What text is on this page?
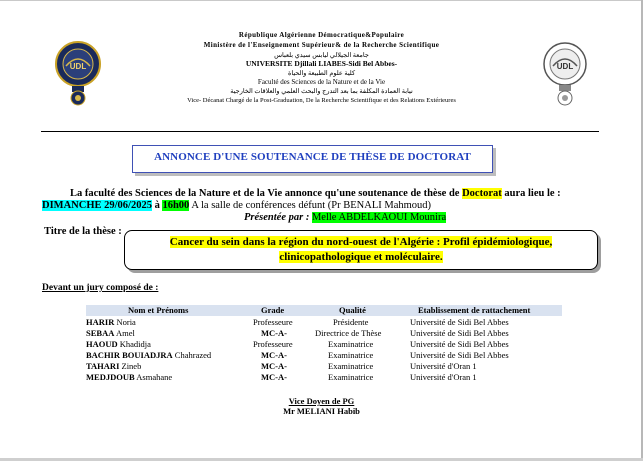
République Algérienne Démocratique&Populaire
Ministère de l'Enseignement Supérieur& de la Recherche Scientifique
جامعة الجيلالي ليابس سيدي بلعباس
UNIVERSITE Djillali LIABES-Sidi Bel Abbes-
كلية علوم الطبيعة والحياة
Faculté des Sciences de la Nature et de la Vie
نيابة العمادة المكلفة بما بعد التدرج والبحث العلمي والعلاقات الخارجية
Vice- Décanat Chargé de la Post-Graduation, De la Recherche Scientifique et des Relations Extérieures
UDL	UDL
ANNONCE D'UNE SOUTENANCE DE THÈSE DE DOCTORAT
La faculté des Sciences de la Nature et de la Vie annonce qu'une soutenance de thèse de Doctorat aura lieu le :
DIMANCHE 29/06/2025 à 16h00 A la salle de conférences défunt (Pr BENALI Mahmoud)
Présentée par : Melle ABDELKAOUI Mounira
Titre de la thèse :
Cancer du sein dans la région du nord-ouest de l'Algérie : Profil épidémiologique,
clinicopathologique et moléculaire.
Devant un jury composé de :
Nom et Prénoms	Grade	Qualité	Etablissement de rattachement
HARIR Noria	Professeure	Présidente	Université de Sidi Bel Abbes
SEBAA Amel	MC-A-	Directrice de Thèse	Université de Sidi Bel Abbes
HAOUD Khadidja	Professeure	Examinatrice	Université de Sidi Bel Abbes
BACHIR BOUIADJRA Chahrazed	MC-A-	Examinatrice	Université de Sidi Bel Abbes
TAHARI Zineb	MC-A-	Examinatrice	Université d'Oran 1
MEDJDOUB Asmahane	MC-A-	Examinatrice	Université d'Oran 1
Vice Doyen de PG
Mr MELIANI Habib
